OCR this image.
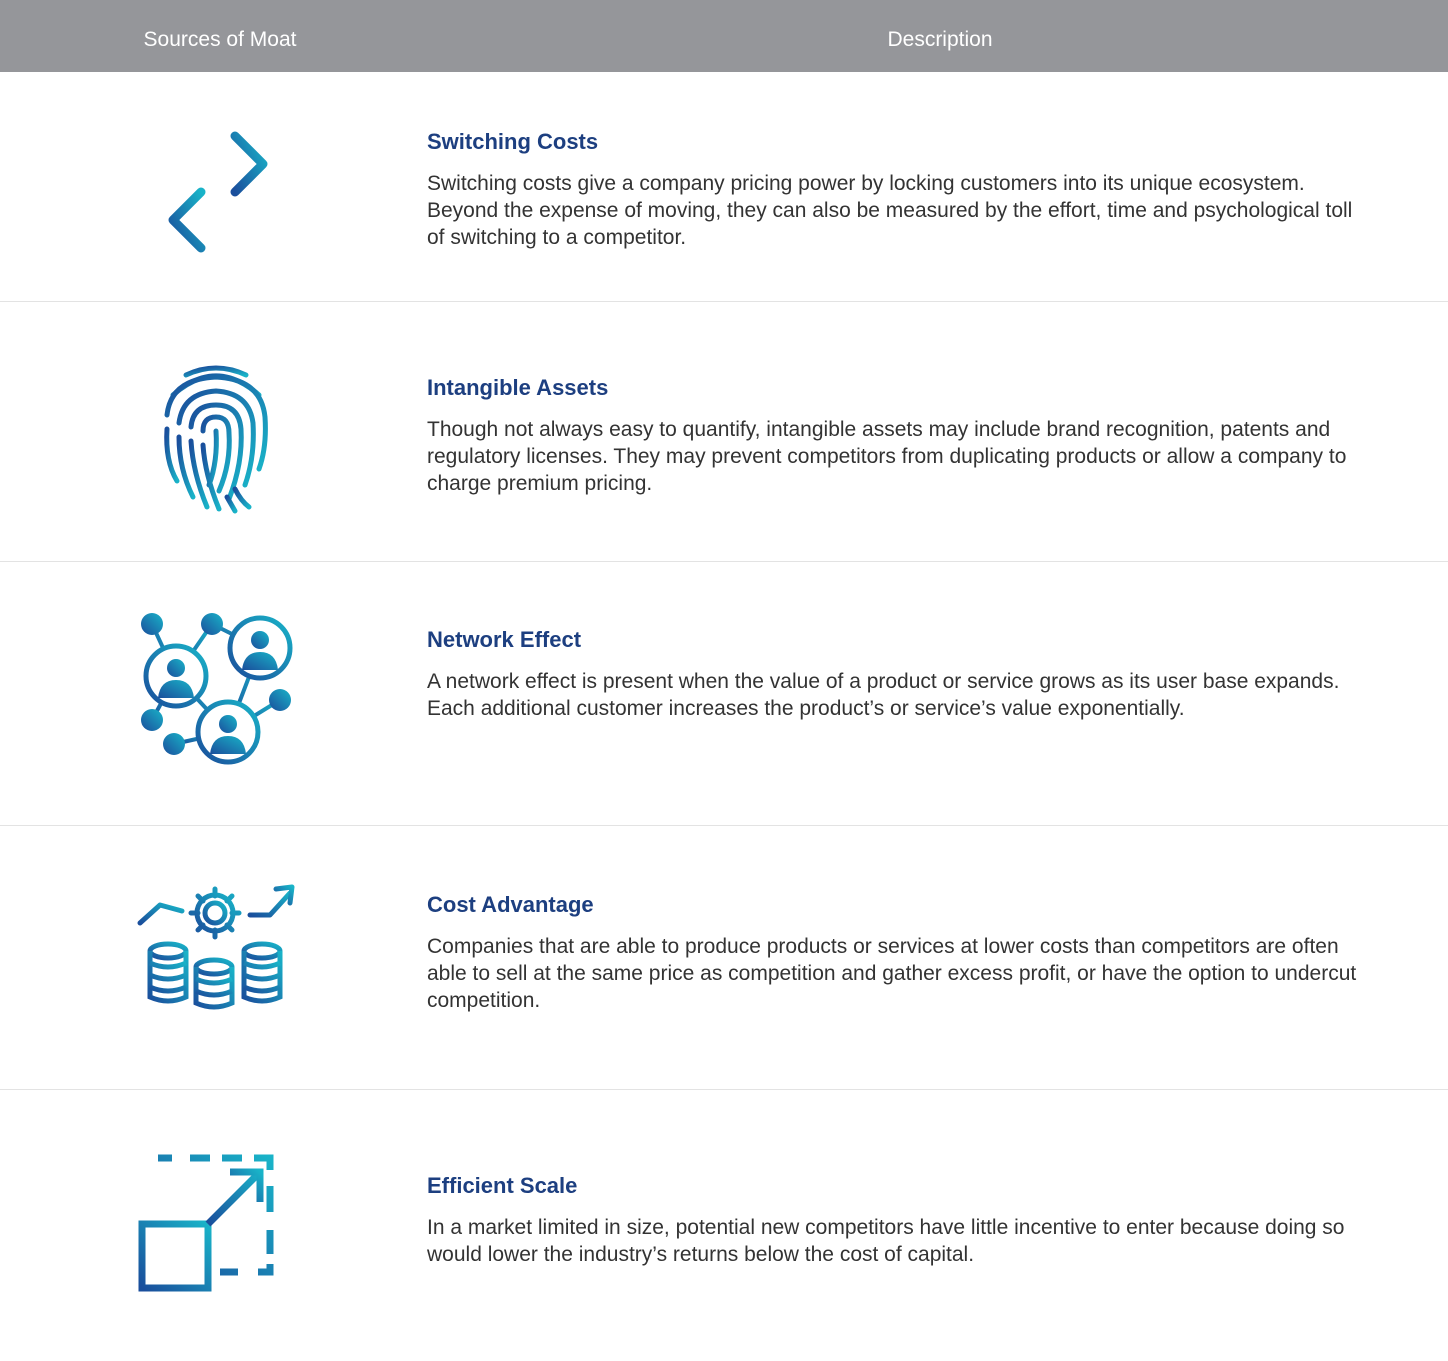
Sources of Moat	Description
Switching Costs
Switching costs give a company pricing power by locking customers into its unique ecosystem. Beyond the expense of moving, they can also be measured by the effort, time and psychological toll of switching to a competitor.
Intangible Assets
Though not always easy to quantify, intangible assets may include brand recognition, patents and regulatory licenses. They may prevent competitors from duplicating products or allow a company to charge premium pricing.
Network Effect
A network effect is present when the value of a product or service grows as its user base expands. Each additional customer increases the product’s or service’s value exponentially.
Cost Advantage
Companies that are able to produce products or services at lower costs than competitors are often able to sell at the same price as competition and gather excess profit, or have the option to undercut competition.
Efficient Scale
In a market limited in size, potential new competitors have little incentive to enter because doing so would lower the industry’s returns below the cost of capital.
